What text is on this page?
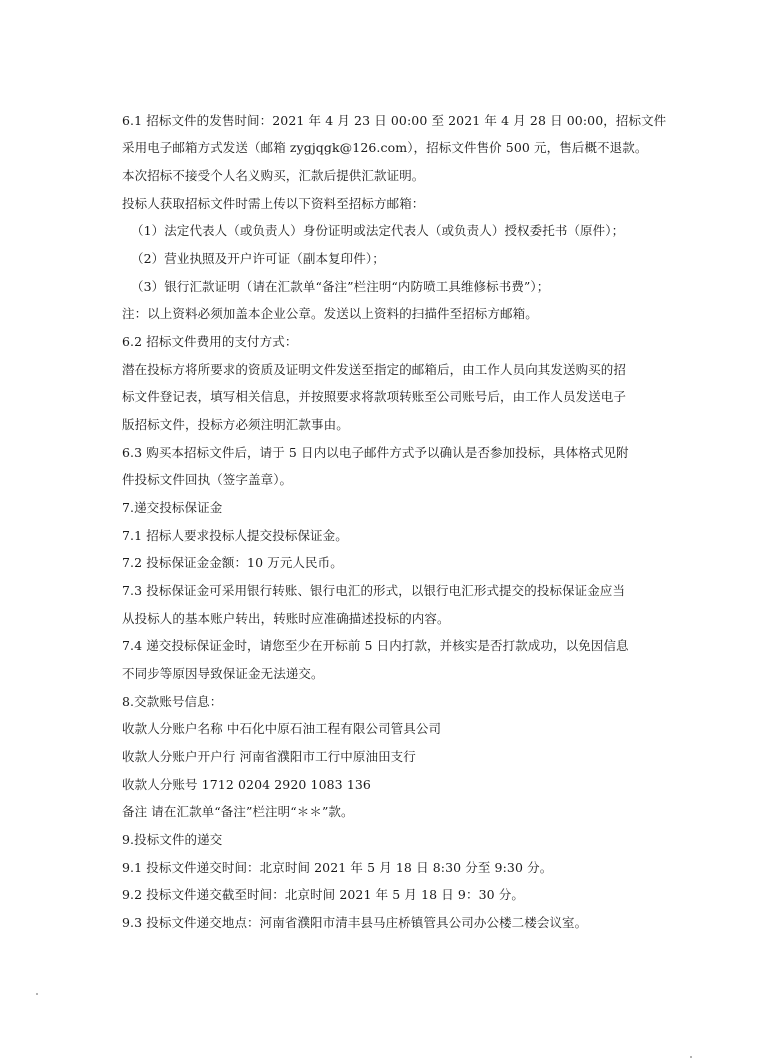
6.1 招标文件的发售时间：2021 年 4 月 23 日 00:00 至 2021 年 4 月 28 日 00:00，招标文件
采用电子邮箱方式发送（邮箱 zygjqgk@126.com），招标文件售价 500 元，售后概不退款。
本次招标不接受个人名义购买，汇款后提供汇款证明。
投标人获取招标文件时需上传以下资料至招标方邮箱：
（1）法定代表人（或负责人）身份证明或法定代表人（或负责人）授权委托书（原件）；
（2）营业执照及开户许可证（副本复印件）；
（3）银行汇款证明（请在汇款单“备注”栏注明“内防喷工具维修标书费”）；
注：以上资料必须加盖本企业公章。发送以上资料的扫描件至招标方邮箱。
6.2 招标文件费用的支付方式：
潜在投标方将所要求的资质及证明文件发送至指定的邮箱后，由工作人员向其发送购买的招
标文件登记表，填写相关信息，并按照要求将款项转账至公司账号后，由工作人员发送电子
版招标文件，投标方必须注明汇款事由。
6.3 购买本招标文件后，请于 5 日内以电子邮件方式予以确认是否参加投标，具体格式见附
件投标文件回执（签字盖章）。
7.递交投标保证金
7.1 招标人要求投标人提交投标保证金。
7.2 投标保证金金额：10 万元人民币。
7.3 投标保证金可采用银行转账、银行电汇的形式，以银行电汇形式提交的投标保证金应当
从投标人的基本账户转出，转账时应准确描述投标的内容。
7.4 递交投标保证金时，请您至少在开标前 5 日内打款，并核实是否打款成功，以免因信息
不同步等原因导致保证金无法递交。
8.交款账号信息：
收款人分账户名称 中石化中原石油工程有限公司管具公司
收款人分账户开户行 河南省濮阳市工行中原油田支行
收款人分账号 1712 0204 2920 1083 136
备注 请在汇款单“备注”栏注明“＊＊”款。
9.投标文件的递交
9.1 投标文件递交时间：北京时间 2021 年 5 月 18 日 8:30 分至 9:30 分。
9.2 投标文件递交截至时间：北京时间 2021 年 5 月 18 日 9：30 分。
9.3 投标文件递交地点：河南省濮阳市清丰县马庄桥镇管具公司办公楼二楼会议室。
